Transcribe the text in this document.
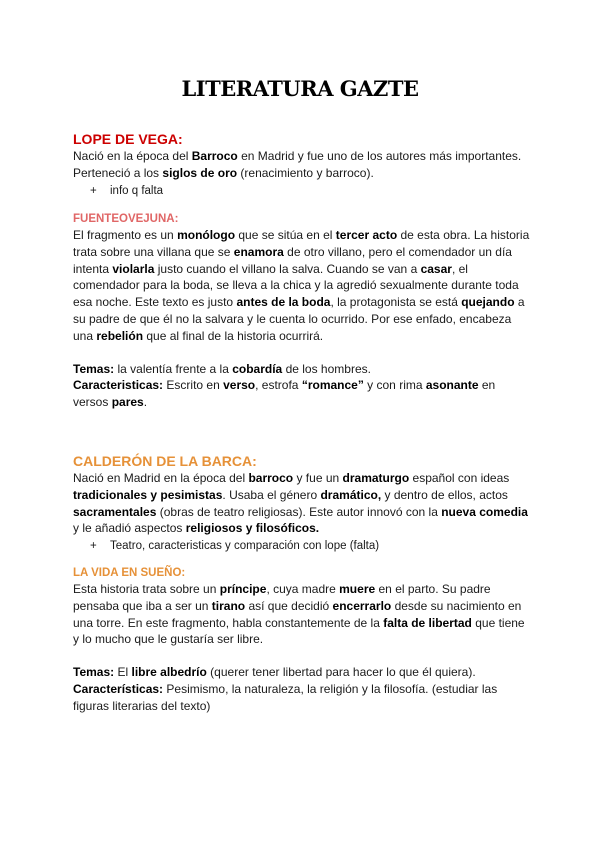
LITERATURA GAZTE
LOPE DE VEGA:

Nació en la época del Barroco en Madrid y fue uno de los autores más importantes. Perteneció a los siglos de oro (renacimiento y barroco).

+	info q falta
FUENTEOVEJUNA:

El fragmento es un monólogo que se sitúa en el tercer acto de esta obra. La historia trata sobre una villana que se enamora de otro villano, pero el comendador un día intenta violarla justo cuando el villano la salva. Cuando se van a casar, el comendador para la boda, se lleva a la chica y la agredió sexualmente durante toda esa noche. Este texto es justo antes de la boda, la protagonista se está quejando a su padre de que él no la salvara y le cuenta lo ocurrido. Por ese enfado, encabeza una rebelión que al final de la historia ocurrirá.

Temas: la valentía frente a la cobardía de los hombres.

Caracteristicas: Escrito en verso, estrofa “romance” y con rima asonante en versos pares.

CALDERÓN DE LA BARCA:

Nació en Madrid en la época del barroco y fue un dramaturgo español con ideas tradicionales y pesimistas. Usaba el género dramático, y dentro de ellos, actos sacramentales (obras de teatro religiosas). Este autor innovó con la nueva comedia y le añadió aspectos religiosos y filosóficos.

+	Teatro, caracteristicas y comparación con lope (falta)
LA VIDA EN SUEÑO:

Esta historia trata sobre un príncipe, cuya madre muere en el parto. Su padre pensaba que iba a ser un tirano así que decidió encerrarlo desde su nacimiento en una torre. En este fragmento, habla constantemente de la falta de libertad que tiene y lo mucho que le gustaría ser libre.

Temas: El libre albedrío (querer tener libertad para hacer lo que él quiera).

Características: Pesimismo, la naturaleza, la religión y la filosofía. (estudiar las figuras literarias del texto)
